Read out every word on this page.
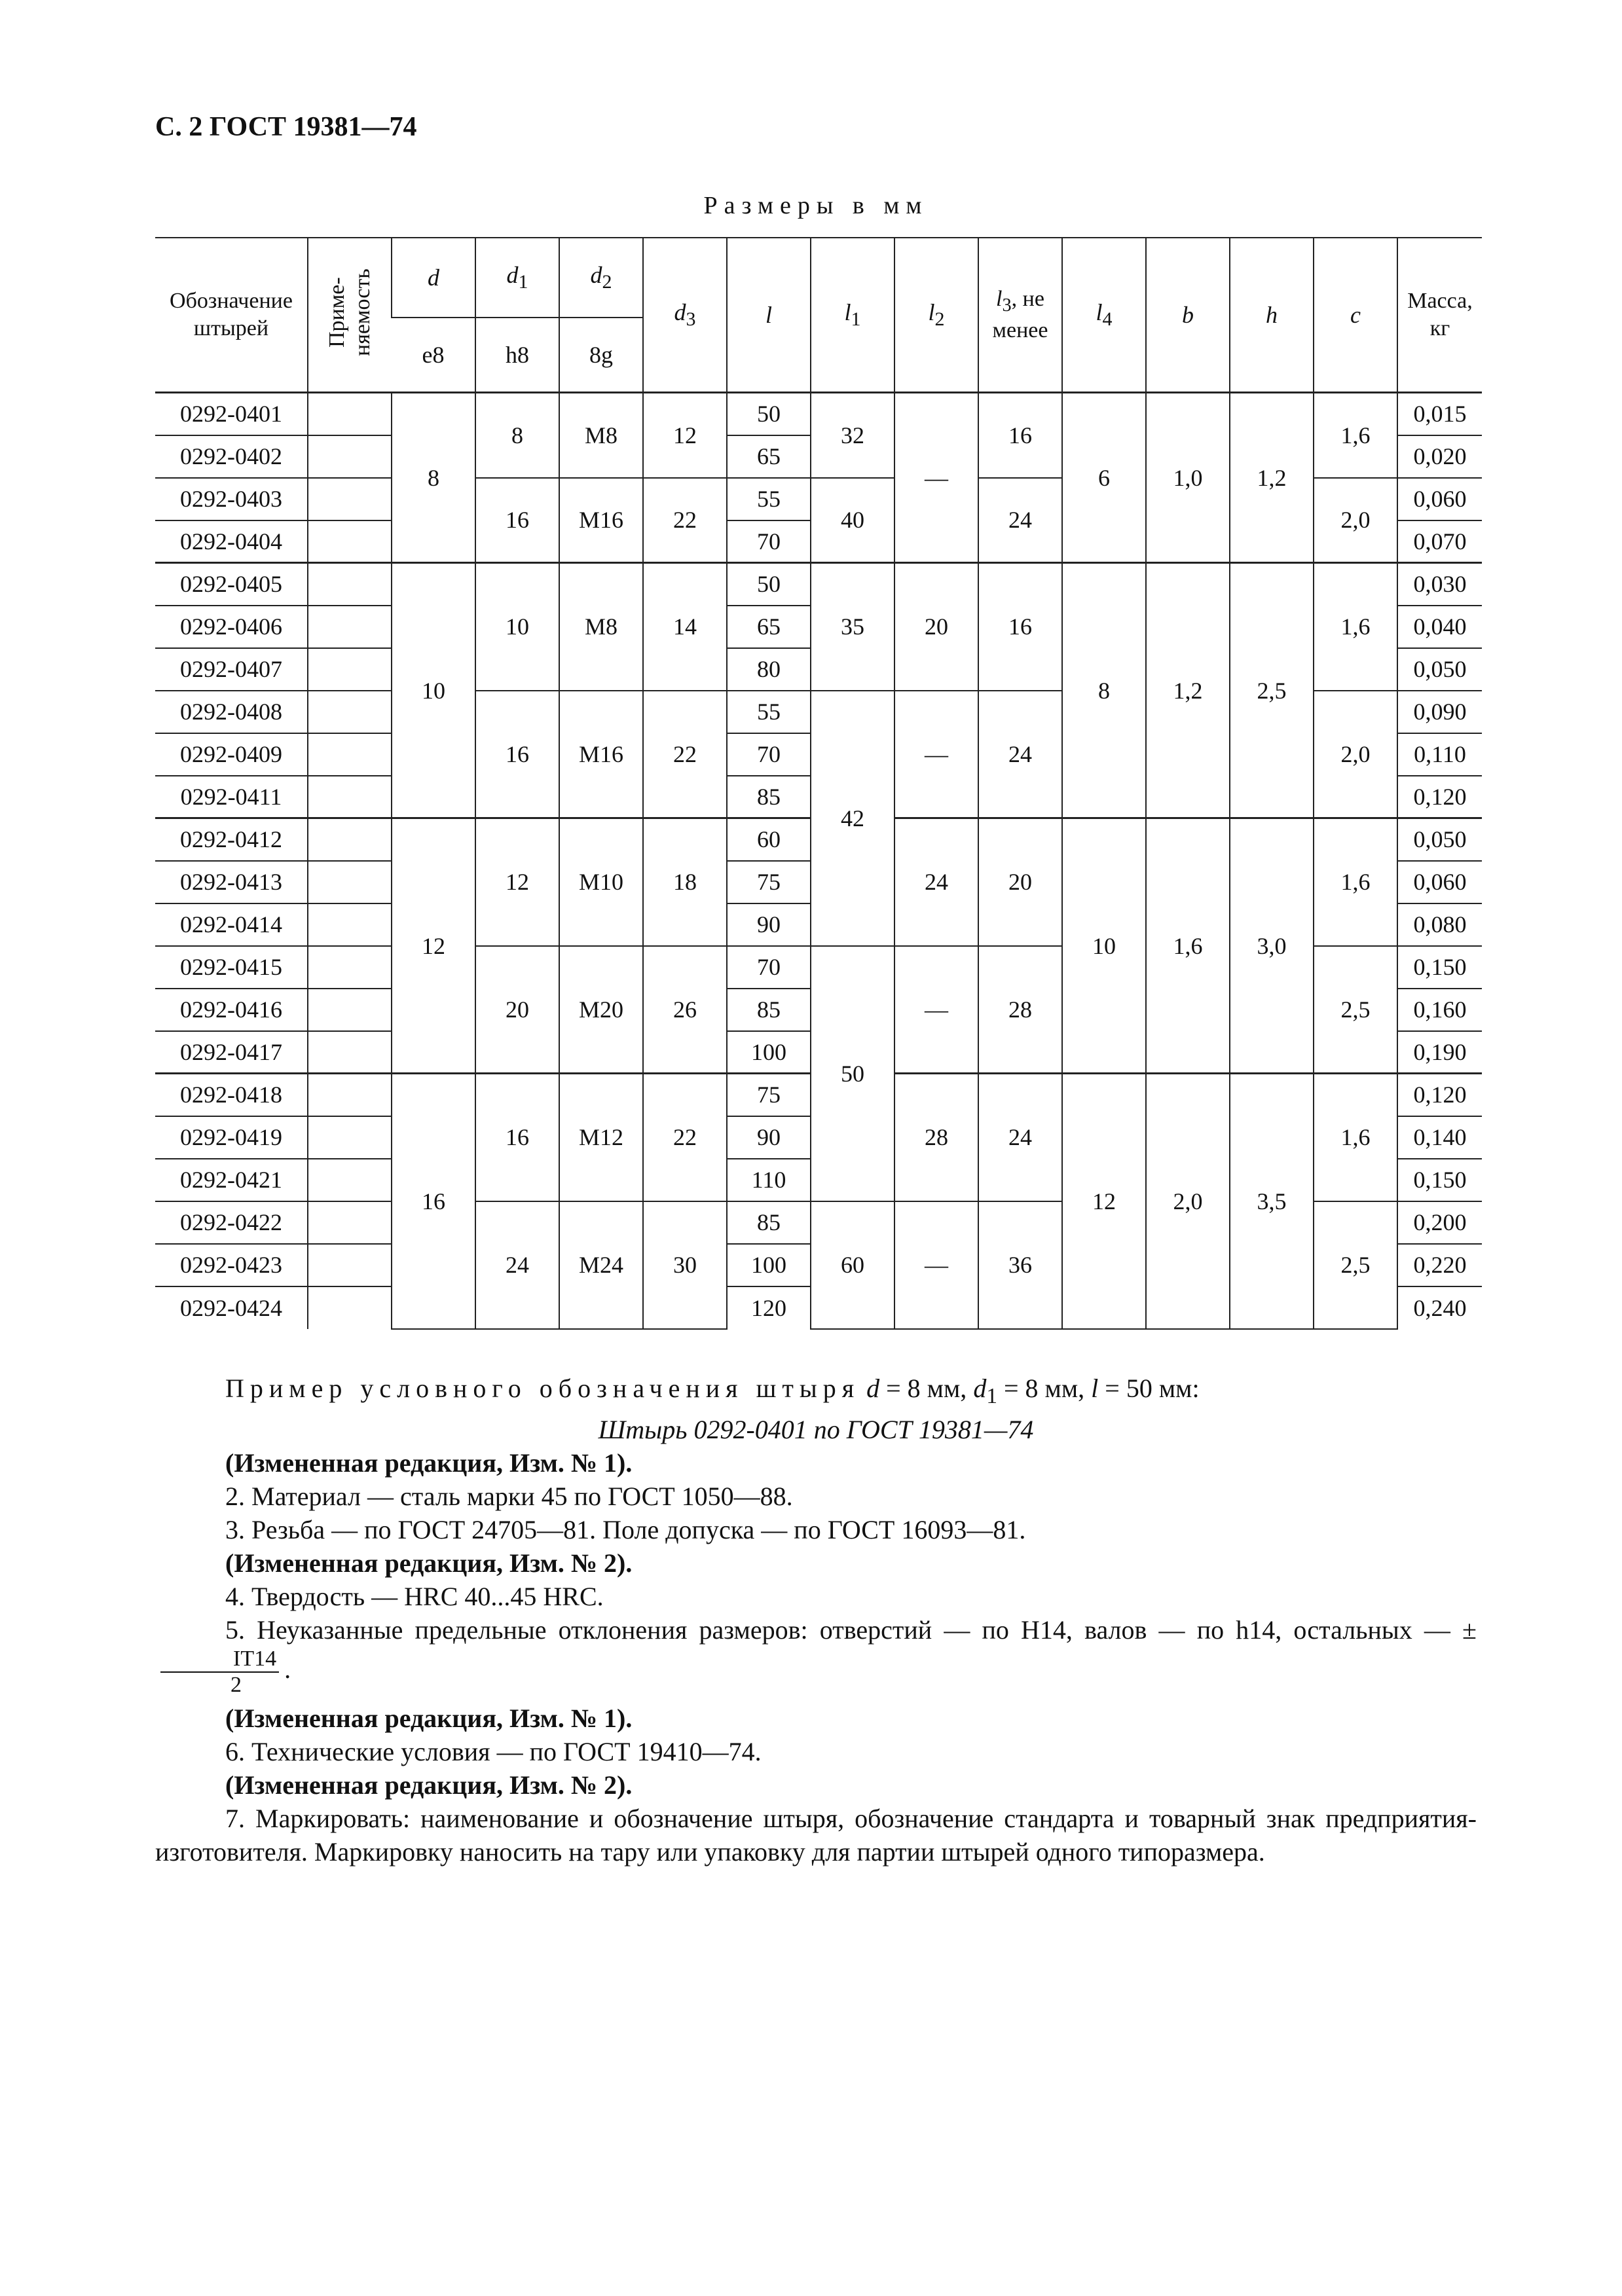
С. 2 ГОСТ 19381—74

Размеры в мм

Обозначение штырей	Приме-няемость	d	$d_1$	$d_2$	$d_3$	l	$l_1$	$l_2$	$l_3$, не менее	$l_4$	b	h	c	Масса, кг
		e8	h8	8g										
0292-0401		8	8	М8	12	50	32	—	16	6	1,0	1,2	1,6	0,015
0292-0402						65								0,020
0292-0403			16	М16	22	55	40		24				2,0	0,060
0292-0404						70								0,070
0292-0405		10	10	М8	14	50	35	20	16	8	1,2	2,5	1,6	0,030
0292-0406						65								0,040
0292-0407						80								0,050
0292-0408			16	М16	22	55	42	—	24				2,0	0,090
0292-0409						70								0,110
0292-0411						85								0,120
0292-0412		12	12	М10	18	60		24	20	10	1,6	3,0	1,6	0,050
0292-0413						75								0,060
0292-0414						90								0,080
0292-0415			20	М20	26	70	50	—	28				2,5	0,150
0292-0416						85								0,160
0292-0417						100								0,190
0292-0418		16	16	М12	22	75		28	24	12	2,0	3,5	1,6	0,120
0292-0419						90								0,140
0292-0421						110								0,150
0292-0422			24	М24	30	85	60	—	36				2,5	0,200
0292-0423						100								0,220
0292-0424						120								0,240

Пример условного обозначения штыря d = 8 мм, $d_1 = 8$ мм, l = 50 мм:

Штырь 0292-0401 по ГОСТ 19381—74

(Измененная редакция, Изм. № 1).

2. Материал — сталь марки 45 по ГОСТ 1050—88.

3. Резьба — по ГОСТ 24705—81. Поле допуска — по ГОСТ 16093—81.

(Измененная редакция, Изм. № 2).

4. Твердость — HRC 40...45 HRC.

5. Неуказанные предельные отклонения размеров: отверстий — по H14, валов — по h14, остальных — ±
$\frac{IT14}{2}$ .

(Измененная редакция, Изм. № 1).

6. Технические условия — по ГОСТ 19410—74.

(Измененная редакция, Изм. № 2).

7. Маркировать: наименование и обозначение штыря, обозначение стандарта и товарный знак предприятия-изготовителя. Маркировку наносить на тару или упаковку для партии штырей одного типоразмера.
